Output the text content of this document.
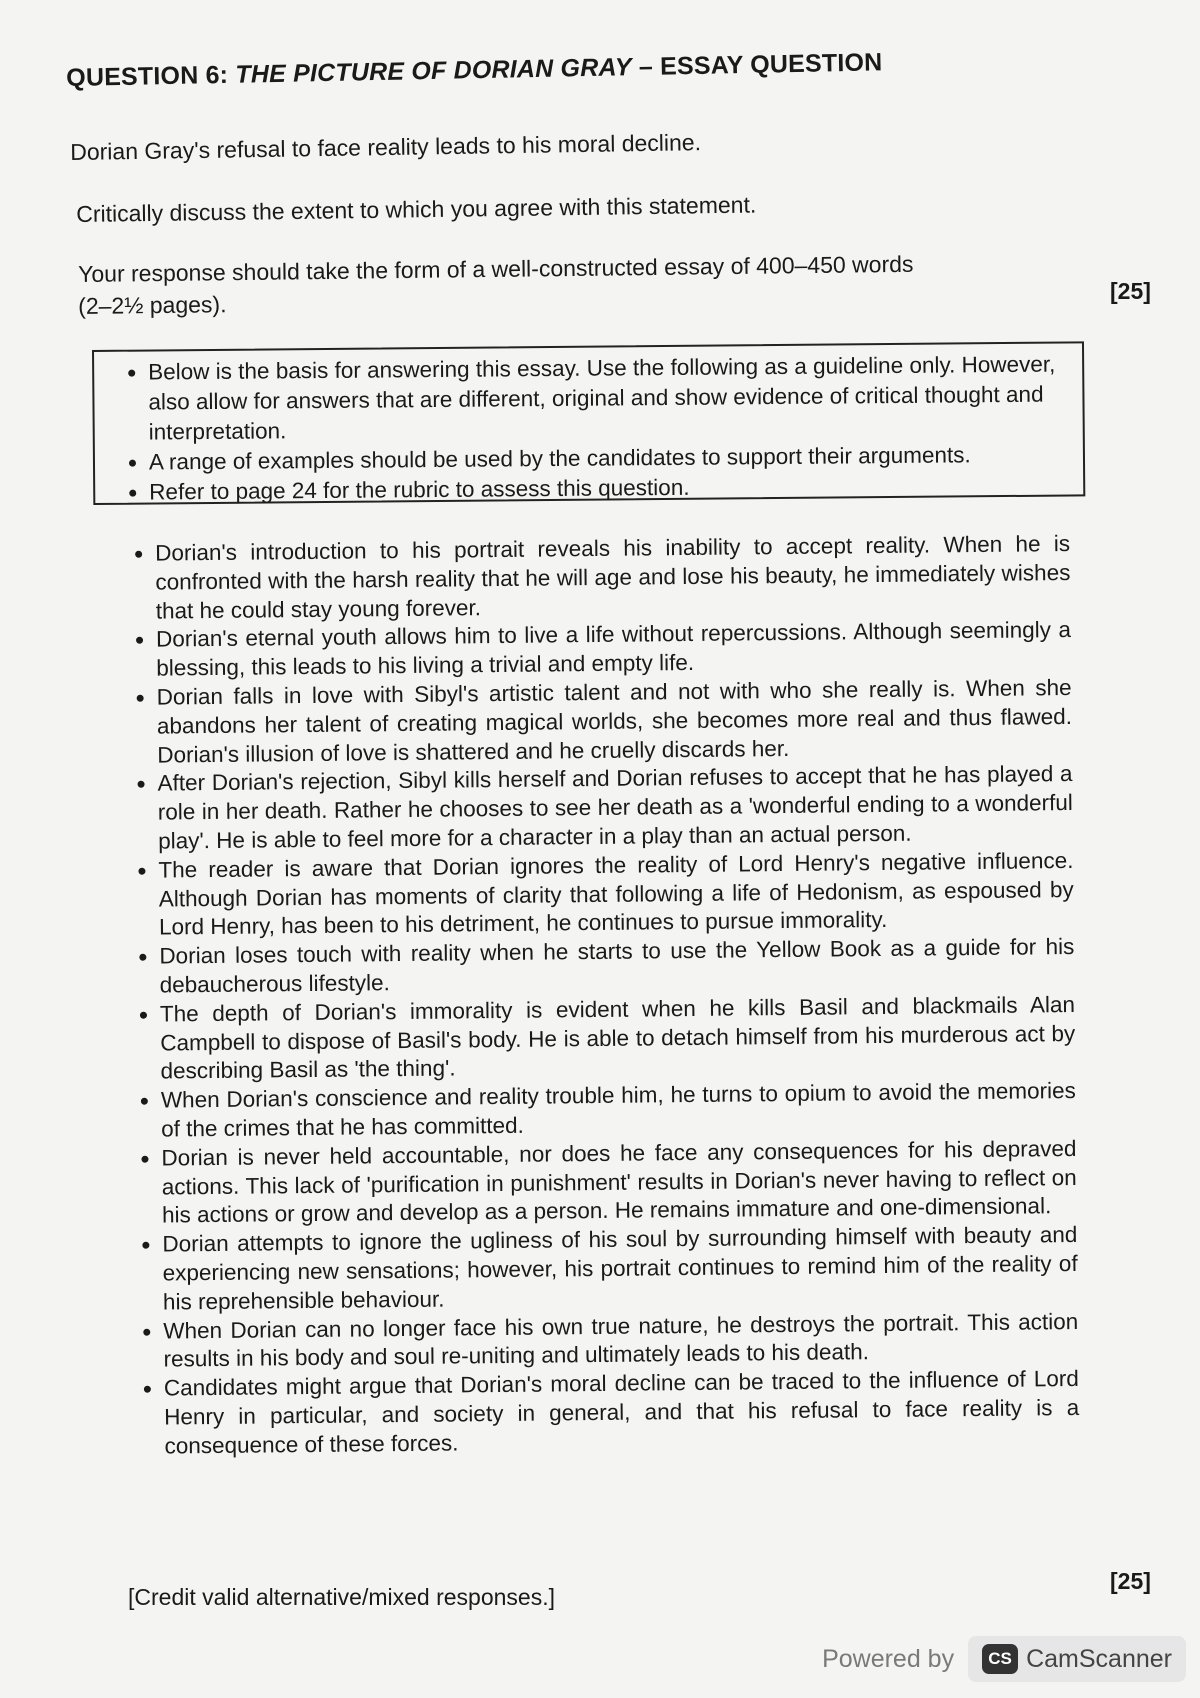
QUESTION 6: THE PICTURE OF DORIAN GRAY – ESSAY QUESTION
Dorian Gray's refusal to face reality leads to his moral decline.
Critically discuss the extent to which you agree with this statement.
Your response should take the form of a well-constructed essay of 400–450 words
(2–2½ pages).
[25]
• Below is the basis for answering this essay. Use the following as a guideline only. However, also allow for answers that are different, original and show evidence of critical thought and interpretation.
• A range of examples should be used by the candidates to support their arguments.
• Refer to page 24 for the rubric to assess this question.
• Dorian's introduction to his portrait reveals his inability to accept reality. When he is confronted with the harsh reality that he will age and lose his beauty, he immediately wishes that he could stay young forever.
• Dorian's eternal youth allows him to live a life without repercussions. Although seemingly a blessing, this leads to his living a trivial and empty life.
• Dorian falls in love with Sibyl's artistic talent and not with who she really is. When she abandons her talent of creating magical worlds, she becomes more real and thus flawed. Dorian's illusion of love is shattered and he cruelly discards her.
• After Dorian's rejection, Sibyl kills herself and Dorian refuses to accept that he has played a role in her death. Rather he chooses to see her death as a 'wonderful ending to a wonderful play'. He is able to feel more for a character in a play than an actual person.
• The reader is aware that Dorian ignores the reality of Lord Henry's negative influence. Although Dorian has moments of clarity that following a life of Hedonism, as espoused by Lord Henry, has been to his detriment, he continues to pursue immorality.
• Dorian loses touch with reality when he starts to use the Yellow Book as a guide for his debaucherous lifestyle.
• The depth of Dorian's immorality is evident when he kills Basil and blackmails Alan Campbell to dispose of Basil's body. He is able to detach himself from his murderous act by describing Basil as 'the thing'.
• When Dorian's conscience and reality trouble him, he turns to opium to avoid the memories of the crimes that he has committed.
• Dorian is never held accountable, nor does he face any consequences for his depraved actions. This lack of 'purification in punishment' results in Dorian's never having to reflect on his actions or grow and develop as a person. He remains immature and one-dimensional.
• Dorian attempts to ignore the ugliness of his soul by surrounding himself with beauty and experiencing new sensations; however, his portrait continues to remind him of the reality of his reprehensible behaviour.
• When Dorian can no longer face his own true nature, he destroys the portrait. This action results in his body and soul re-uniting and ultimately leads to his death.
• Candidates might argue that Dorian's moral decline can be traced to the influence of Lord Henry in particular, and society in general, and that his refusal to face reality is a consequence of these forces.
[25]
[Credit valid alternative/mixed responses.]
Powered by	CS CamScanner
